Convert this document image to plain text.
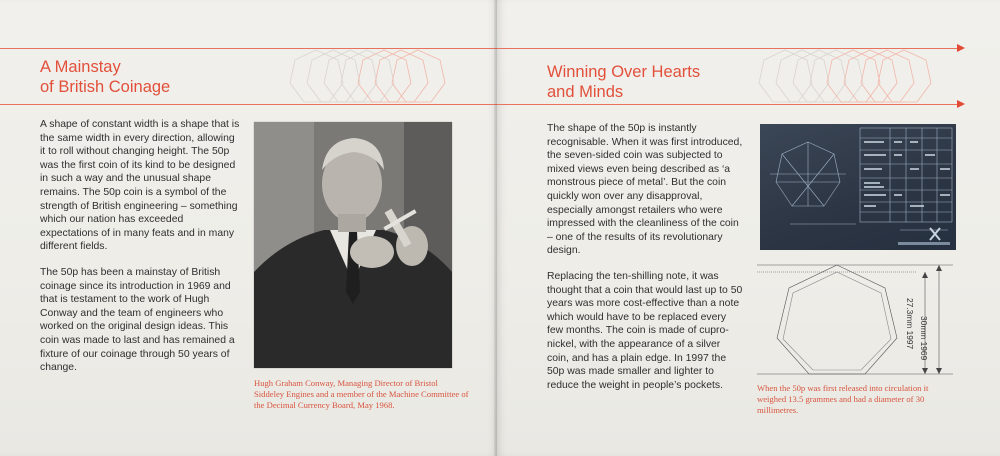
A Mainstay
of British Coinage

A shape of constant width is a shape that is the same width in every direction, allowing it to roll without changing height. The 50p was the first coin of its kind to be designed in such a way and the unusual shape remains. The 50p coin is a symbol of the strength of British engineering – something which our nation has exceeded expectations of in many feats and in many different fields.

The 50p has been a mainstay of British coinage since its introduction in 1969 and that is testament to the work of Hugh Conway and the team of engineers who worked on the original design ideas. This coin was made to last and has remained a fixture of our coinage through 50 years of change.

Hugh Graham Conway, Managing Director of Bristol Siddeley Engines and a member of the Machine Committee of the Decimal Currency Board, May 1968.
Winning Over Hearts
and Minds

The shape of the 50p is instantly recognisable. When it was first introduced, the seven-sided coin was subjected to mixed views even being described as ‘a monstrous piece of metal’. But the coin quickly won over any disapproval, especially amongst retailers who were impressed with the cleanliness of the coin – one of the results of its revolutionary design.

Replacing the ten-shilling note, it was thought that a coin that would last up to 50 years was more cost-effective than a note which would have to be replaced every few months. The coin is made of cupro-nickel, with the appearance of a silver coin, and has a plain edge. In 1997 the 50p was made smaller and lighter to reduce the weight in people’s pockets.

30mm 1969
27.3mm 1997
When the 50p was first released into circulation it weighed 13.5 grammes and had a diameter of 30 millimetres.
